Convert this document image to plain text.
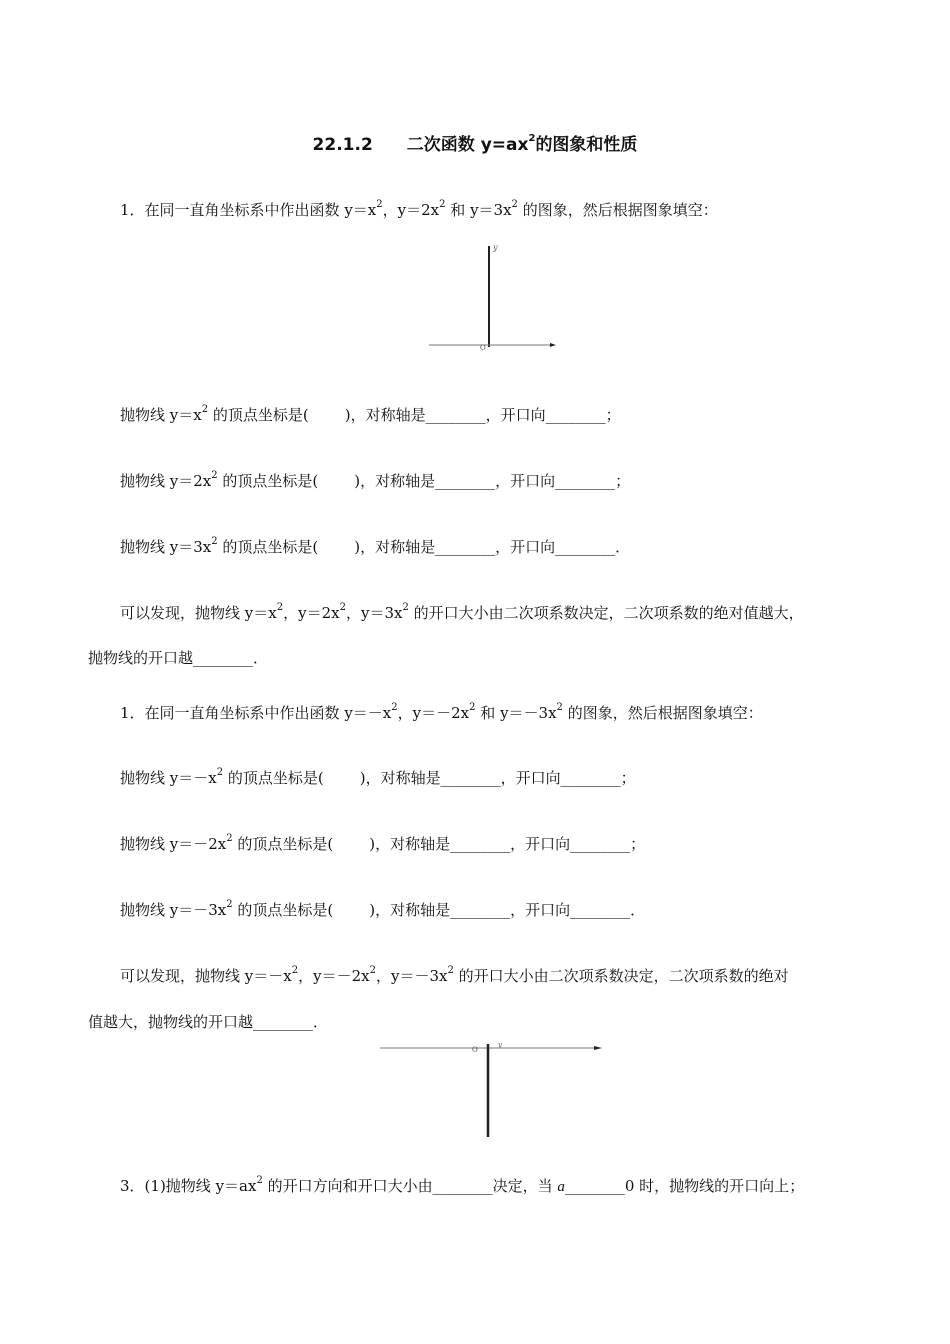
22.1.2　　二次函数 $y=ax^2$的图象和性质
1．在同一直角坐标系中作出函数 $y=x^2$，$y=2x^2$ 和 $y=3x^2$ 的图象，然后根据图象填空：
y
O
抛物线 $y=x^2$ 的顶点坐标是( )，对称轴是________，开口向________；
抛物线 $y=2x^2$ 的顶点坐标是( )，对称轴是________，开口向________；
抛物线 $y=3x^2$ 的顶点坐标是( )，对称轴是________，开口向________．
可以发现，抛物线 $y=x^2$，$y=2x^2$，$y=3x^2$ 的开口大小由二次项系数决定，二次项系数的绝对值越大，
抛物线的开口越________．
1．在同一直角坐标系中作出函数 $y=-x^2$，$y=-2x^2$ 和 $y=-3x^2$ 的图象，然后根据图象填空：
抛物线 $y=-x^2$ 的顶点坐标是( )，对称轴是________，开口向________；
抛物线 $y=-2x^2$ 的顶点坐标是( )，对称轴是________，开口向________；
抛物线 $y=-3x^2$ 的顶点坐标是( )，对称轴是________，开口向________．
可以发现，抛物线 $y=-x^2$，$y=-2x^2$，$y=-3x^2$ 的开口大小由二次项系数决定，二次项系数的绝对
值越大，抛物线的开口越________．
O
y
3．(1)抛物线 $y=ax^2$ 的开口方向和开口大小由________决定，当 a________0 时，抛物线的开口向上；
